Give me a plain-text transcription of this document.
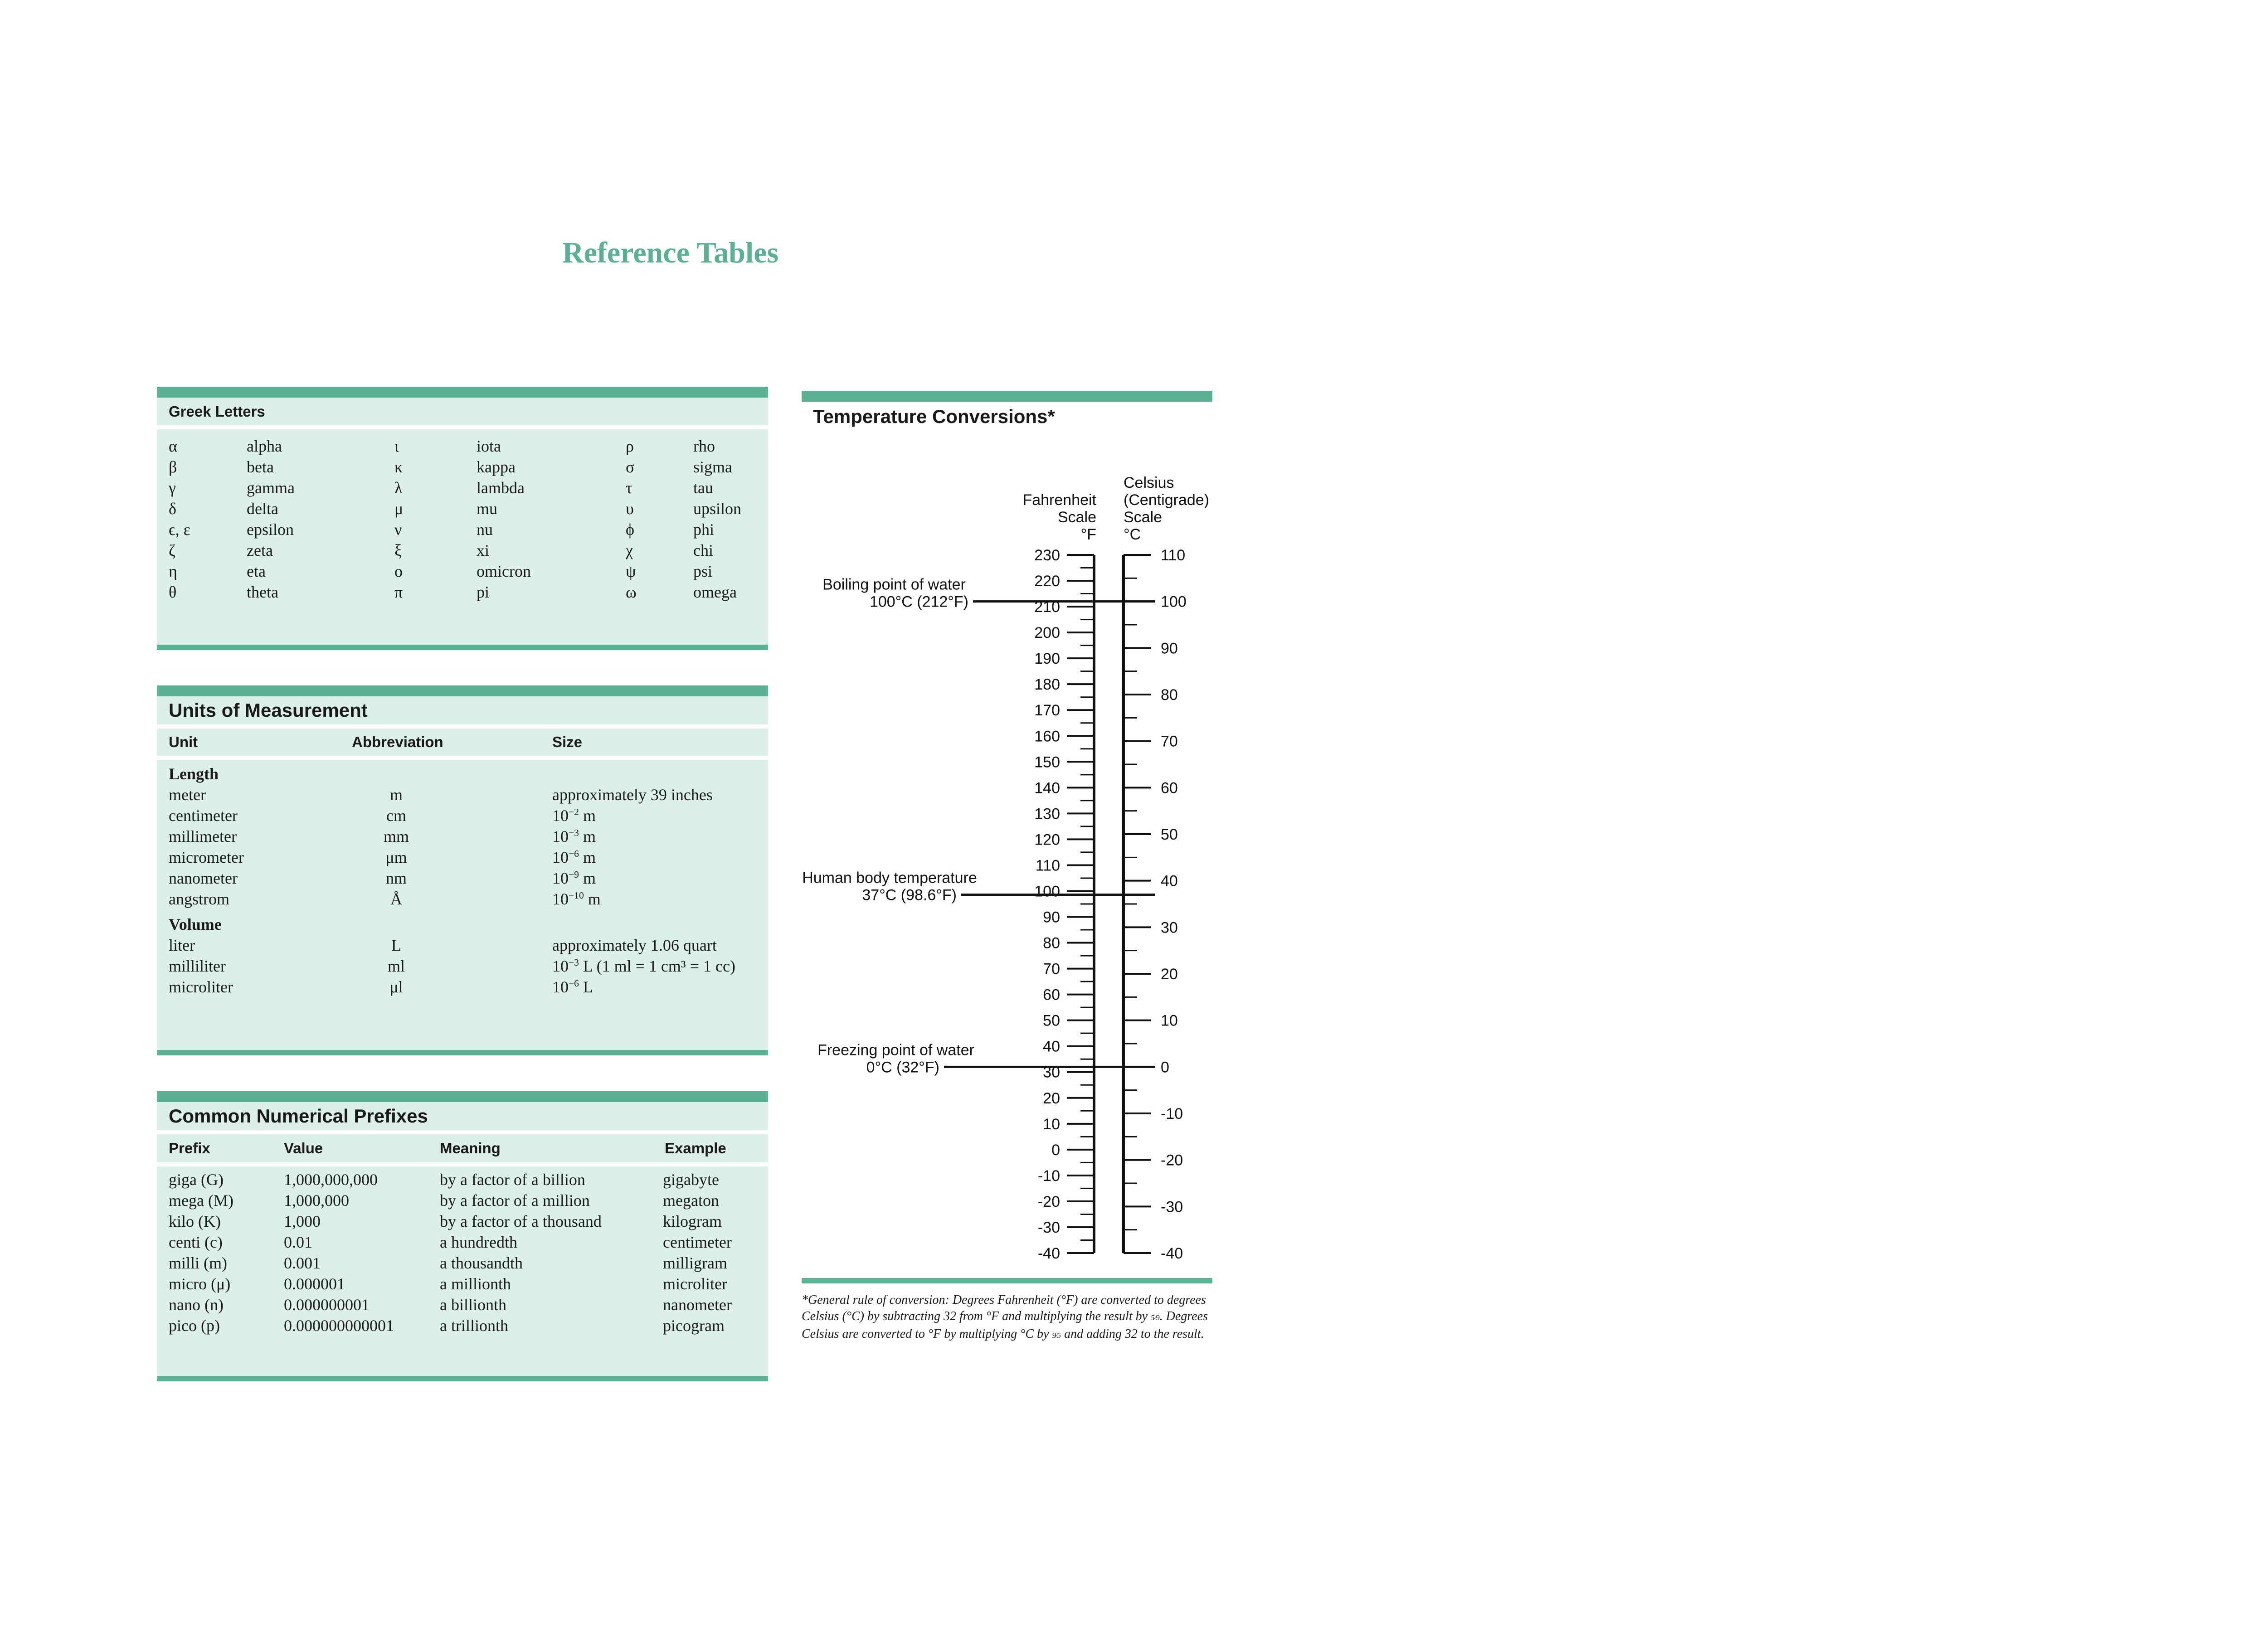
Reference Tables
Greek Letters
α	alpha	ι	iota	ρ	rho
β	beta	κ	kappa	σ	sigma
γ	gamma	λ	lambda	τ	tau
δ	delta	μ	mu	υ	upsilon
ϵ, ε	epsilon	ν	nu	ϕ	phi
ζ	zeta	ξ	xi	χ	chi
η	eta	ο	omicron	ψ	psi
θ	theta	π	pi	ω	omega
Units of Measurement
Unit	Abbreviation	Size
Length
meter	m	approximately 39 inches
centimeter	cm	$10^{-2}$ m
millimeter	mm	$10^{-3}$ m
micrometer	μm	$10^{-6}$ m
nanometer	nm	$10^{-9}$ m
angstrom	Å	$10^{-10}$ m
Volume
liter	L	approximately 1.06 quart
milliliter	ml	$10^{-3}$ L (1 ml = 1 cm³ = 1 cc)
microliter	μl	$10^{-6}$ L
Common Numerical Prefixes
Prefix	Value	Meaning	Example
giga (G)	1,000,000,000	by a factor of a billion	gigabyte
mega (M)	1,000,000	by a factor of a million	megaton
kilo (K)	1,000	by a factor of a thousand	kilogram
centi (c)	0.01	a hundredth	centimeter
milli (m)	0.001	a thousandth	milligram
micro (μ)	0.000001	a millionth	microliter
nano (n)	0.000000001	a billionth	nanometer
pico (p)	0.000000000001	a trillionth	picogram
Temperature Conversions*
230
220
210
200
190
180
170
160
150
140
130
120
110
100
90
80
70
60
50
40
30
20
10
0
-10
-20
-30
-40
110
100
90
80
70
60
50
40
30
20
10
0
-10
-20
-30
-40
Fahrenheit
Scale
°F
Celsius
(Centigrade)
Scale
°C
Boiling point of water
100°C (212°F)
Human body temperature
37°C (98.6°F)
Freezing point of water
0°C (32°F)

*General rule of conversion: Degrees Fahrenheit (°F) are converted to degrees Celsius (°C) by subtracting 32 from °F and multiplying the result by 5⁄9. Degrees Celsius are converted to °F by multiplying °C by 9⁄5 and adding 32 to the result.
